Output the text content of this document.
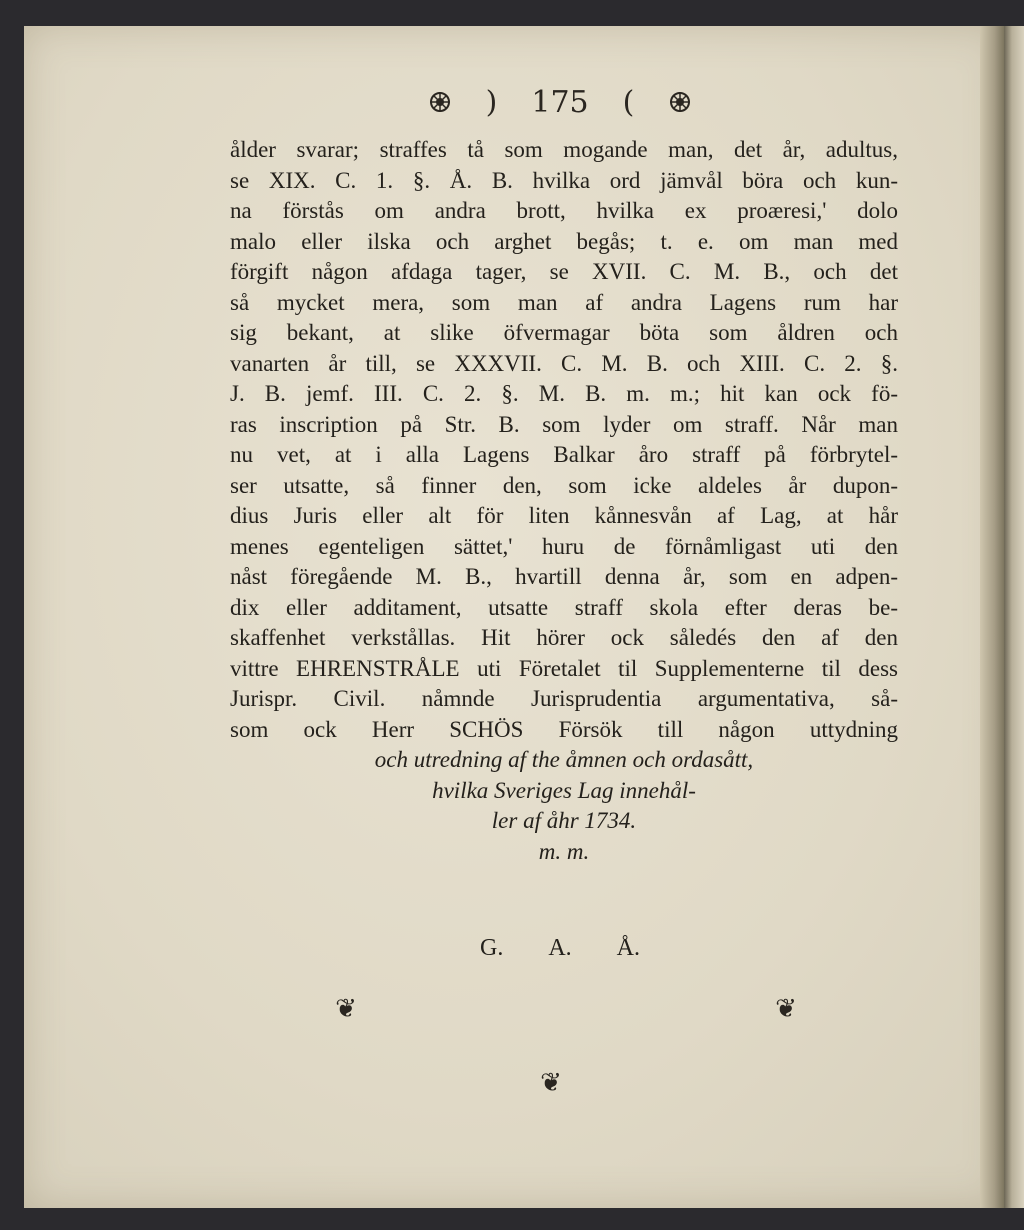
) 175 (
ålder svarar; straffes tå som mogande man, det år, adultus,
se XIX. C. 1. §. Å. B. hvilka ord jämvål böra och kun-
na förstås om andra brott, hvilka ex proæresi,' dolo
malo eller ilska och arghet begås; t. e. om man med
förgift någon afdaga tager, se XVII. C. M. B., och det
så mycket mera, som man af andra Lagens rum har
sig bekant, at slike öfvermagar böta som åldren och
vanarten år till, se XXXVII. C. M. B. och XIII. C. 2. §.
J. B. jemf. III. C. 2. §. M. B. m. m.; hit kan ock fö-
ras inscription på Str. B. som lyder om straff. Når man
nu vet, at i alla Lagens Balkar åro straff på förbrytel-
ser utsatte, så finner den, som icke aldeles år dupon-
dius Juris eller alt för liten kånnesvån af Lag, at hår
menes egenteligen sättet,' huru de förnåmligast uti den
nåst föregående M. B., hvartill denna år, som en adpen-
dix eller additament, utsatte straff skola efter deras be-
skaffenhet verkstållas. Hit hörer ock såledés den af den
vittre EHRENSTRÅLE uti Företalet til Supplementerne til dess
Jurispr. Civil. nåmnde Jurisprudentia argumentativa, så-
som ock Herr SCHÖS Försök till någon uttydning
och utredning af the åmnen och ordasått,
hvilka Sveriges Lag innehål-
ler af åhr 1734.
m. m.
G. A. Å.
❦	❦
❦
